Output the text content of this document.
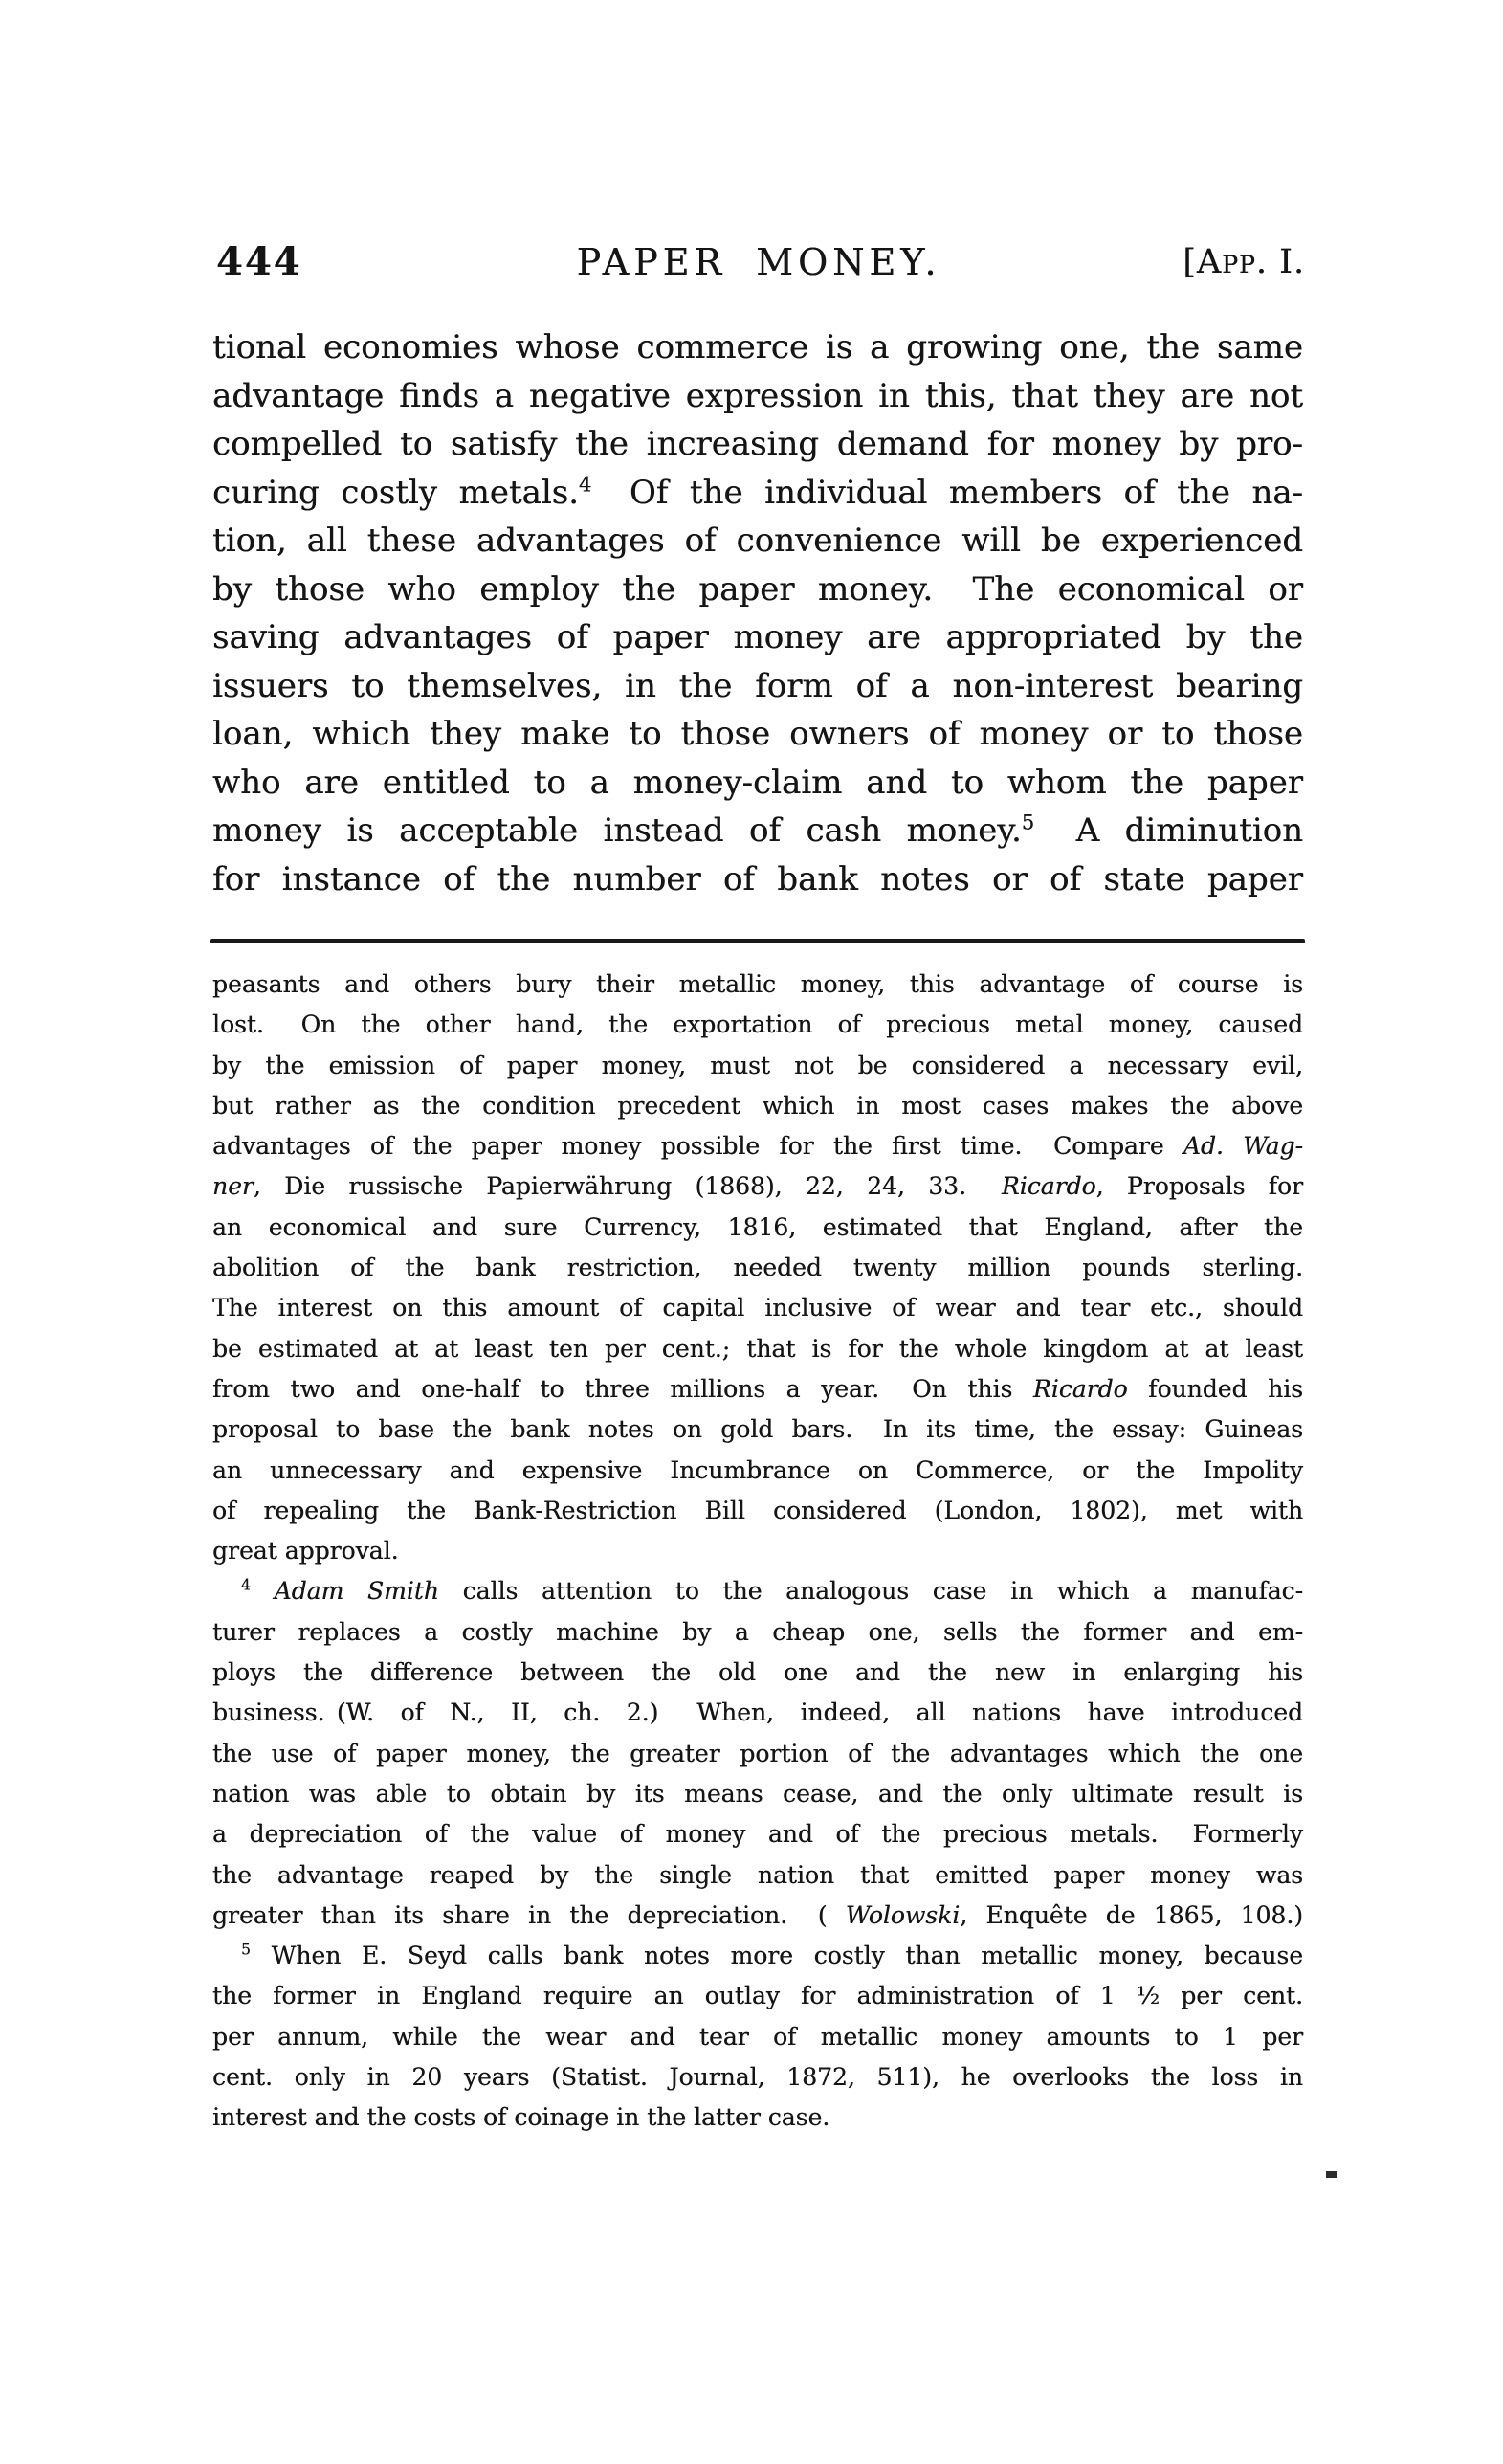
444	PAPER MONEY.	[App. I.
tional economies whose commerce is a growing one, the same
advantage finds a negative expression in this, that they are not
compelled to satisfy the increasing demand for money by pro-
curing costly metals.$^4$  Of the individual members of the na-
tion, all these advantages of convenience will be experienced
by those who employ the paper money.  The economical or
saving advantages of paper money are appropriated by the
issuers to themselves, in the form of a non-interest bearing
loan, which they make to those owners of money or to those
who are entitled to a money-claim and to whom the paper
money is acceptable instead of cash money.$^5$  A diminution
for instance of the number of bank notes or of state paper
peasants and others bury their metallic money, this advantage of course is
lost.  On the other hand, the exportation of precious metal money, caused
by the emission of paper money, must not be considered a necessary evil,
but rather as the condition precedent which in most cases makes the above
advantages of the paper money possible for the first time.  Compare Ad. Wag-
ner, Die russische Papierwährung (1868), 22, 24, 33.  Ricardo, Proposals for
an economical and sure Currency, 1816, estimated that England, after the
abolition of the bank restriction, needed twenty million pounds sterling.
The interest on this amount of capital inclusive of wear and tear etc., should
be estimated at at least ten per cent.; that is for the whole kingdom at at least
from two and one-half to three millions a year.  On this Ricardo founded his
proposal to base the bank notes on gold bars.  In its time, the essay: Guineas
an unnecessary and expensive Incumbrance on Commerce, or the Impolity
of repealing the Bank-Restriction Bill considered (London, 1802), met with
great approval.
$^4$ Adam Smith calls attention to the analogous case in which a manufac-
turer replaces a costly machine by a cheap one, sells the former and em-
ploys the difference between the old one and the new in enlarging his
business. (W. of N., II, ch. 2.)  When, indeed, all nations have introduced
the use of paper money, the greater portion of the advantages which the one
nation was able to obtain by its means cease, and the only ultimate result is
a depreciation of the value of money and of the precious metals.  Formerly
the advantage reaped by the single nation that emitted paper money was
greater than its share in the depreciation.  ( Wolowski, Enquête de 1865, 108.)
$^5$ When E. Seyd calls bank notes more costly than metallic money, because
the former in England require an outlay for administration of 1 ½ per cent.
per annum, while the wear and tear of metallic money amounts to 1 per
cent. only in 20 years (Statist. Journal, 1872, 511), he overlooks the loss in
interest and the costs of coinage in the latter case.
